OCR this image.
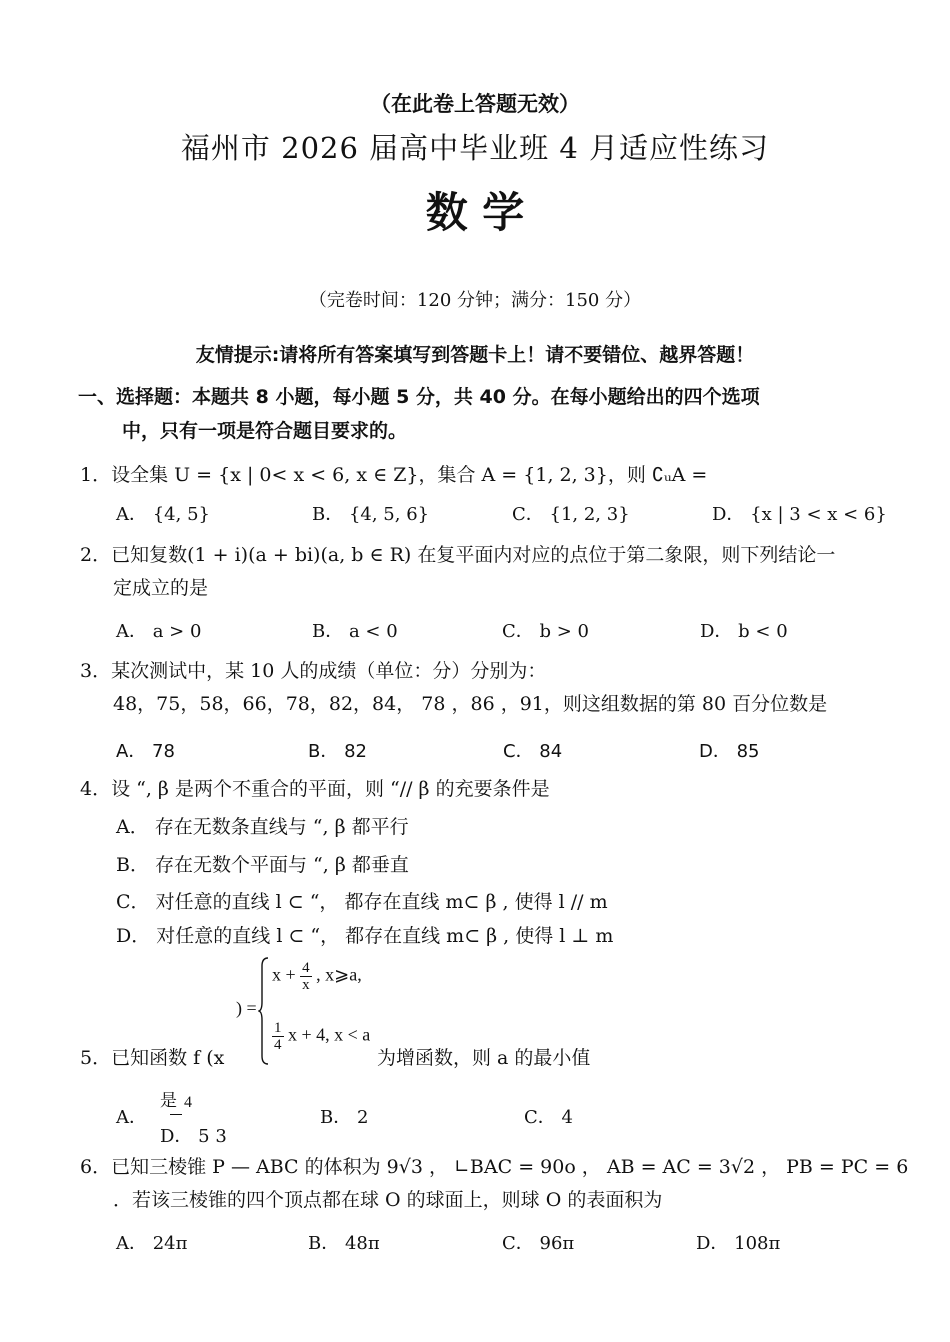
（在此卷上答题无效）
福州市 2026 届高中毕业班 4 月适应性练习
数 学
（完卷时间：120 分钟；满分：150 分）
友情提示:请将所有答案填写到答题卡上！请不要错位、越界答题！
一、选择题：本题共 8 小题，每小题 5 分，共 40 分。在每小题给出的四个选项
中，只有一项是符合题目要求的。
1．设全集 U = {x | 0< x < 6, x ∈ Z}，集合 A = {1, 2, 3}，则 ∁ᵤA =
A． {4, 5}	B． {4, 5, 6}	C． {1, 2, 3}	D． {x | 3 < x < 6}
2．已知复数(1 + i)(a + bi)(a, b ∈ R) 在复平面内对应的点位于第二象限，则下列结论一
定成立的是
A． a > 0	B． a < 0	C． b > 0	D． b < 0
3．某次测试中，某 10 人的成绩（单位：分）分别为：
48，75，58，66，78，82，84， 78 ，86 ，91，则这组数据的第 80 百分位数是
A． 78	B． 82	C． 84	D． 85
4．设 “, β 是两个不重合的平面，则 “// β 的充要条件是
A． 存在无数条直线与 “, β 都平行
B． 存在无数个平面与 “, β 都垂直
C． 对任意的直线 l ⊂ “， 都存在直线 m⊂ β , 使得 l // m
D． 对任意的直线 l ⊂ “， 都存在直线 m⊂ β , 使得 l ⊥ m
5．已知函数 f (x
) =
$x + \frac{4}{x}$ , x⩾a,
$\frac{1}{4}$ x + 4, x < a
为增函数，则 a 的最小值
A．
是 4
B． 2	C． 4
D． 5 3
6．已知三棱锥 P — ABC 的体积为 9√3 ， ∟BAC = 90o ， AB = AC = 3√2 ， PB = PC = 6
．若该三棱锥的四个顶点都在球 O 的球面上，则球 O 的表面积为
A． 24π	B． 48π	C． 96π	D． 108π
